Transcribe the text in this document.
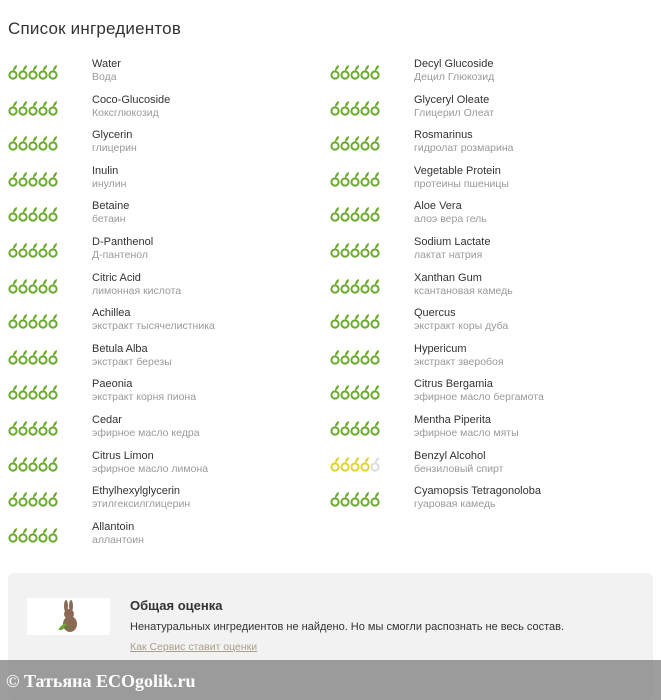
Список ингредиентов
Water
Вода
Coco-Glucoside
Коксглюкозид
Glycerin
глицерин
Inulin
инулин
Betaine
бетаин
D-Panthenol
Д-пантенол
Citric Acid
лимонная кислота
Achillea
экстракт тысячелистника
Betula Alba
экстракт березы
Paeonia
экстракт корня пиона
Cedar
эфирное масло кедра
Citrus Limon
эфирное масло лимона
Ethylhexylglycerin
этилгексилглицерин
Allantoin
аллантоин
Decyl Glucoside
Децил Глюкозид
Glyceryl Oleate
Глицерил Олеат
Rosmarinus
гидролат розмарина
Vegetable Protein
протеины пшеницы
Aloe Vera
алоэ вера гель
Sodium Lactate
лактат натрия
Xanthan Gum
ксантановая камедь
Quercus
экстракт коры дуба
Hypericum
экстракт зверобоя
Citrus Bergamia
эфирное масло бергамота
Mentha Piperita
эфирное масло мяты
Benzyl Alcohol
бензиловый спирт
Cyamopsis Tetragonoloba
гуаровая камедь
Общая оценка
Ненатуральных ингредиентов не найдено. Но мы смогли распознать не весь состав.
Как Сервис ставит оценки
© Татьяна ECOgolik.ru
